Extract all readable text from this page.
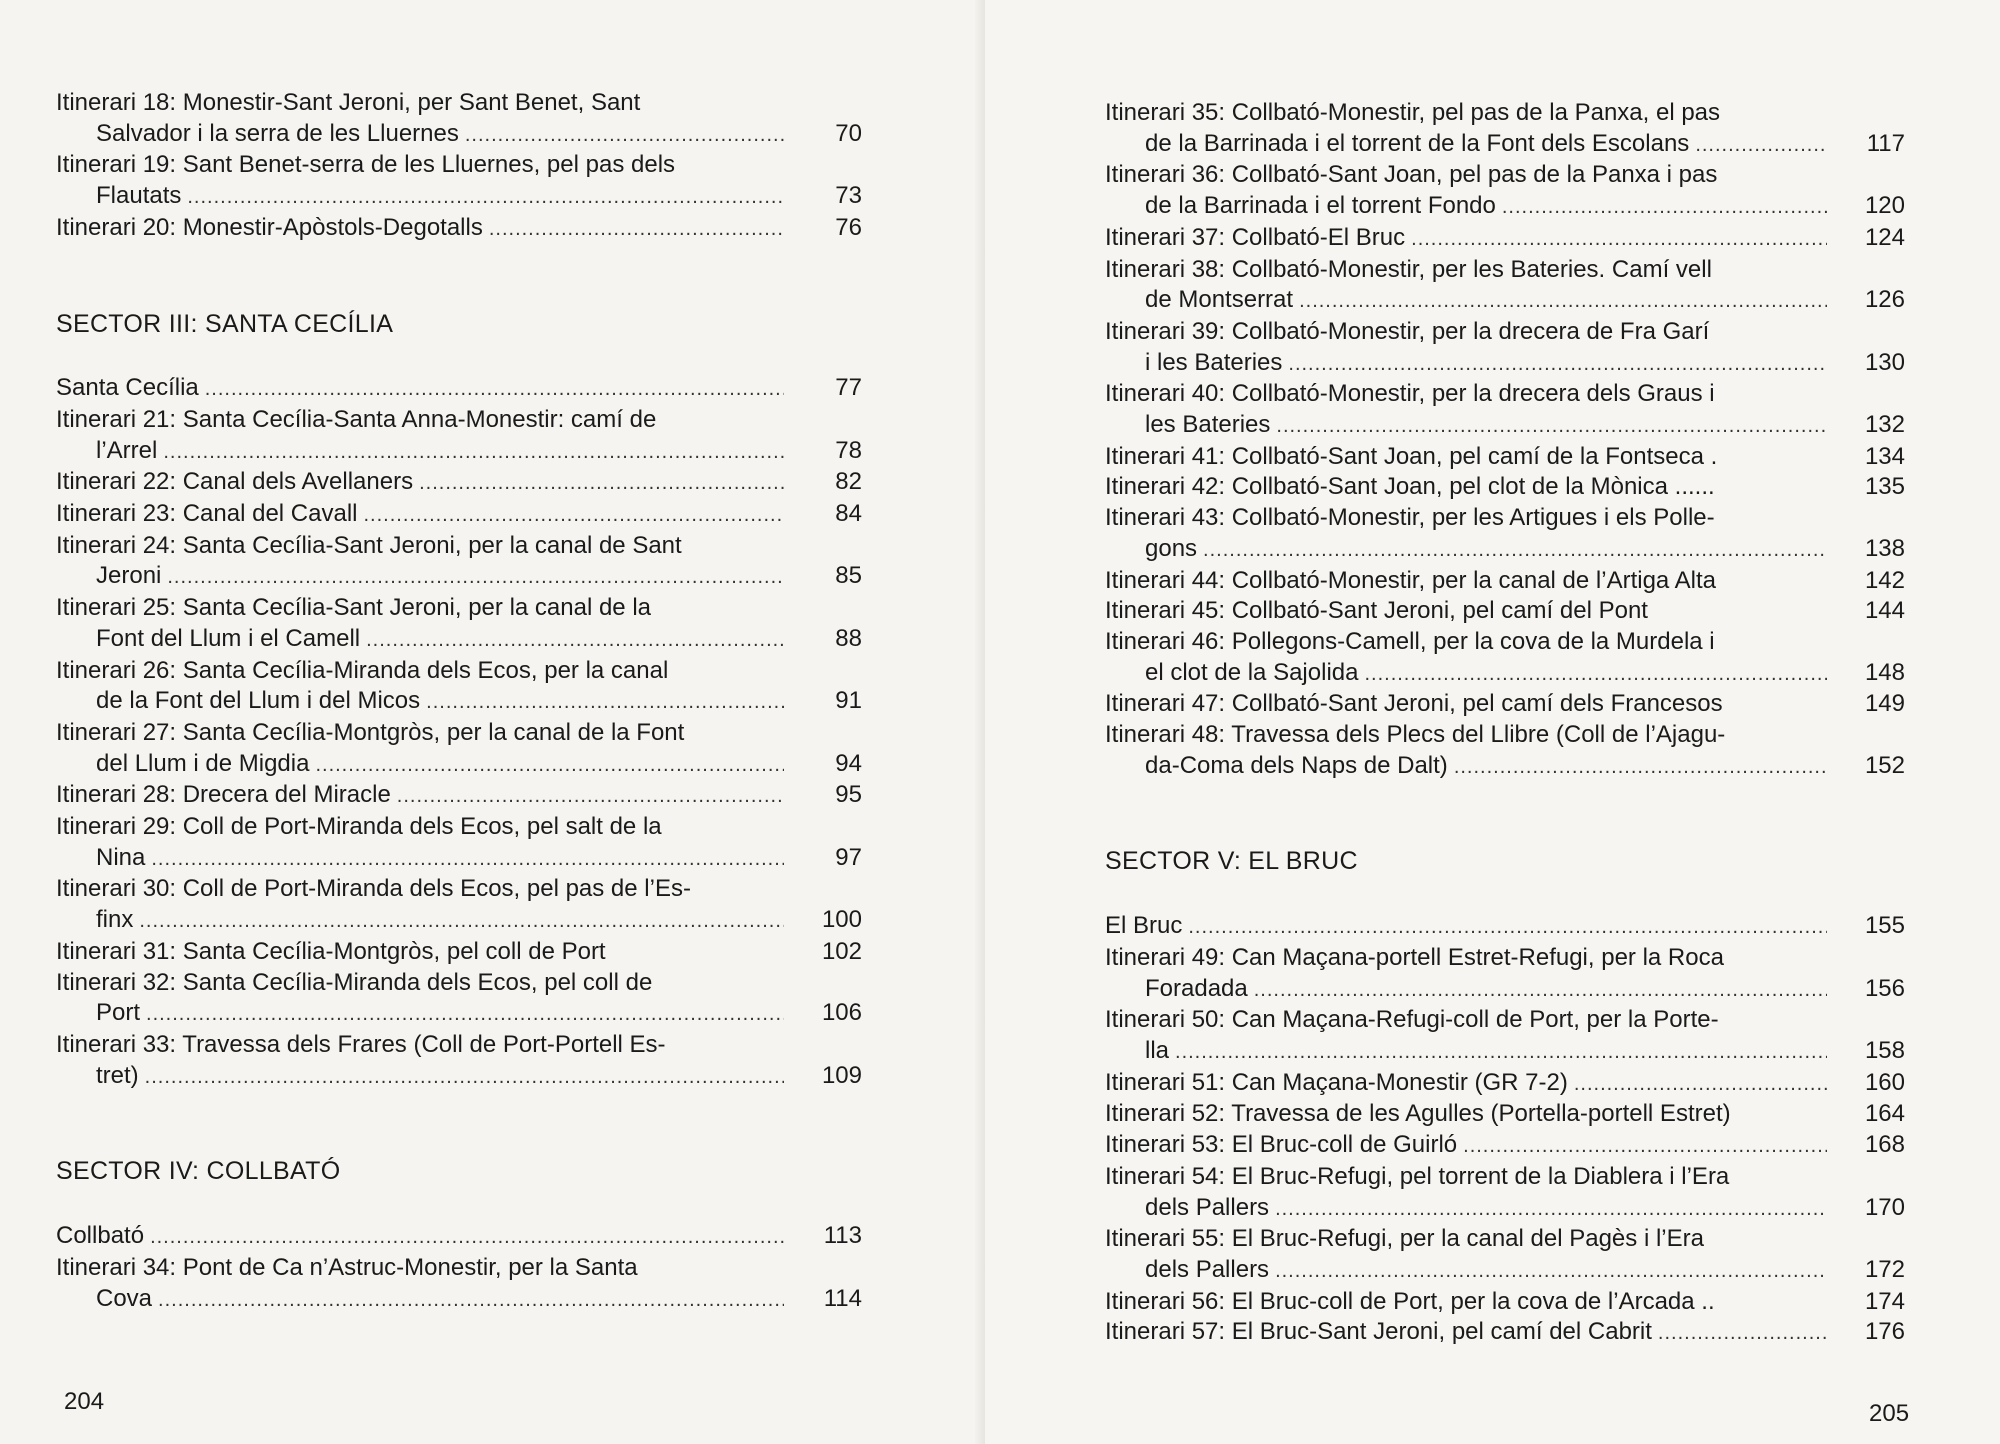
Itinerari 18: Monestir-Sant Jeroni, per Sant Benet, Sant
Salvador i la serra de les Lluernes .....	70
Itinerari 19: Sant Benet-serra de les Lluernes, pel pas dels
Flautats .....	73
Itinerari 20: Monestir-Apòstols-Degotalls .....	76
SECTOR III: SANTA CECÍLIA
Santa Cecília .....	77
Itinerari 21: Santa Cecília-Santa Anna-Monestir: camí de
l’Arrel .....	78
Itinerari 22: Canal dels Avellaners .....	82
Itinerari 23: Canal del Cavall .....	84
Itinerari 24: Santa Cecília-Sant Jeroni, per la canal de Sant
Jeroni .....	85
Itinerari 25: Santa Cecília-Sant Jeroni, per la canal de la
Font del Llum i el Camell .....	88
Itinerari 26: Santa Cecília-Miranda dels Ecos, per la canal
de la Font del Llum i del Micos .....	91
Itinerari 27: Santa Cecília-Montgròs, per la canal de la Font
del Llum i de Migdia .....	94
Itinerari 28: Drecera del Miracle .....	95
Itinerari 29: Coll de Port-Miranda dels Ecos, pel salt de la
Nina .....	97
Itinerari 30: Coll de Port-Miranda dels Ecos, pel pas de l’Es-
finx .....	100
Itinerari 31: Santa Cecília-Montgròs, pel coll de Port	102
Itinerari 32: Santa Cecília-Miranda dels Ecos, pel coll de
Port .....	106
Itinerari 33: Travessa dels Frares (Coll de Port-Portell Es-
tret) .....	109
SECTOR IV: COLLBATÓ
Collbató .....	113
Itinerari 34: Pont de Ca n’Astruc-Monestir, per la Santa
Cova .....	114
204
Itinerari 35: Collbató-Monestir, pel pas de la Panxa, el pas
de la Barrinada i el torrent de la Font dels Escolans .....	117
Itinerari 36: Collbató-Sant Joan, pel pas de la Panxa i pas
de la Barrinada i el torrent Fondo .....	120
Itinerari 37: Collbató-El Bruc .....	124
Itinerari 38: Collbató-Monestir, per les Bateries. Camí vell
de Montserrat .....	126
Itinerari 39: Collbató-Monestir, per la drecera de Fra Garí
i les Bateries .....	130
Itinerari 40: Collbató-Monestir, per la drecera dels Graus i
les Bateries .....	132
Itinerari 41: Collbató-Sant Joan, pel camí de la Fontseca .	134
Itinerari 42: Collbató-Sant Joan, pel clot de la Mònica ......	135
Itinerari 43: Collbató-Monestir, per les Artigues i els Polle-
gons .....	138
Itinerari 44: Collbató-Monestir, per la canal de l’Artiga Alta	142
Itinerari 45: Collbató-Sant Jeroni, pel camí del Pont	144
Itinerari 46: Pollegons-Camell, per la cova de la Murdela i
el clot de la Sajolida .....	148
Itinerari 47: Collbató-Sant Jeroni, pel camí dels Francesos	149
Itinerari 48: Travessa dels Plecs del Llibre (Coll de l’Ajagu-
da-Coma dels Naps de Dalt) .....	152
SECTOR V: EL BRUC
El Bruc .....	155
Itinerari 49: Can Maçana-portell Estret-Refugi, per la Roca
Foradada .....	156
Itinerari 50: Can Maçana-Refugi-coll de Port, per la Porte-
lla .....	158
Itinerari 51: Can Maçana-Monestir (GR 7-2) .....	160
Itinerari 52: Travessa de les Agulles (Portella-portell Estret)	164
Itinerari 53: El Bruc-coll de Guirló .....	168
Itinerari 54: El Bruc-Refugi, pel torrent de la Diablera i l’Era
dels Pallers .....	170
Itinerari 55: El Bruc-Refugi, per la canal del Pagès i l’Era
dels Pallers .....	172
Itinerari 56: El Bruc-coll de Port, per la cova de l’Arcada ..	174
Itinerari 57: El Bruc-Sant Jeroni, pel camí del Cabrit .....	176
205
